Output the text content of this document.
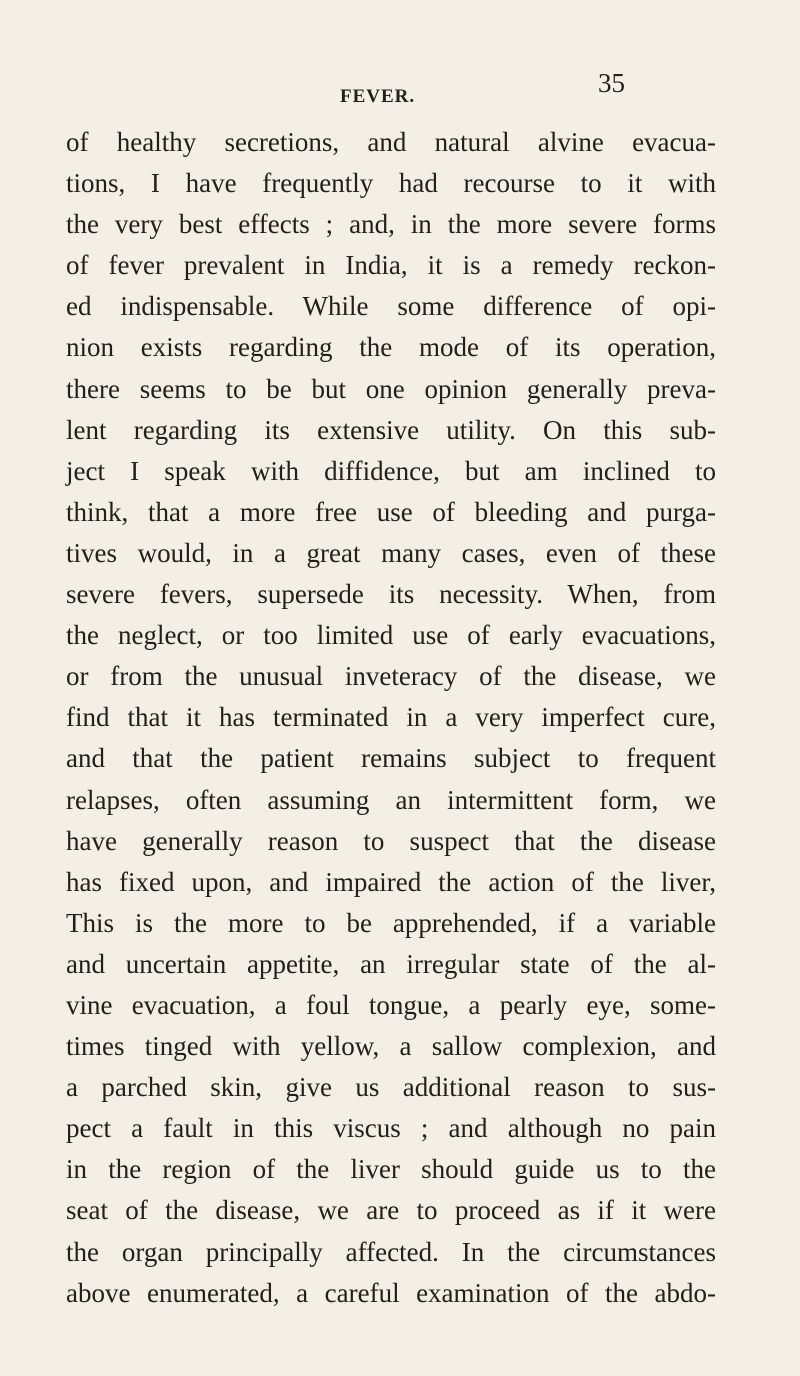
FEVER.	35
of healthy secretions, and natural alvine evacua-
tions, I have frequently had recourse to it with
the very best effects ; and, in the more severe forms
of fever prevalent in India, it is a remedy reckon-
ed indispensable. While some difference of opi-
nion exists regarding the mode of its operation,
there seems to be but one opinion generally preva-
lent regarding its extensive utility. On this sub-
ject I speak with diffidence, but am inclined to
think, that a more free use of bleeding and purga-
tives would, in a great many cases, even of these
severe fevers, supersede its necessity. When, from
the neglect, or too limited use of early evacuations,
or from the unusual inveteracy of the disease, we
find that it has terminated in a very imperfect cure,
and that the patient remains subject to frequent
relapses, often assuming an intermittent form, we
have generally reason to suspect that the disease
has fixed upon, and impaired the action of the liver,
This is the more to be apprehended, if a variable
and uncertain appetite, an irregular state of the al-
vine evacuation, a foul tongue, a pearly eye, some-
times tinged with yellow, a sallow complexion, and
a parched skin, give us additional reason to sus-
pect a fault in this viscus ; and although no pain
in the region of the liver should guide us to the
seat of the disease, we are to proceed as if it were
the organ principally affected. In the circumstances
above enumerated, a careful examination of the abdo-
